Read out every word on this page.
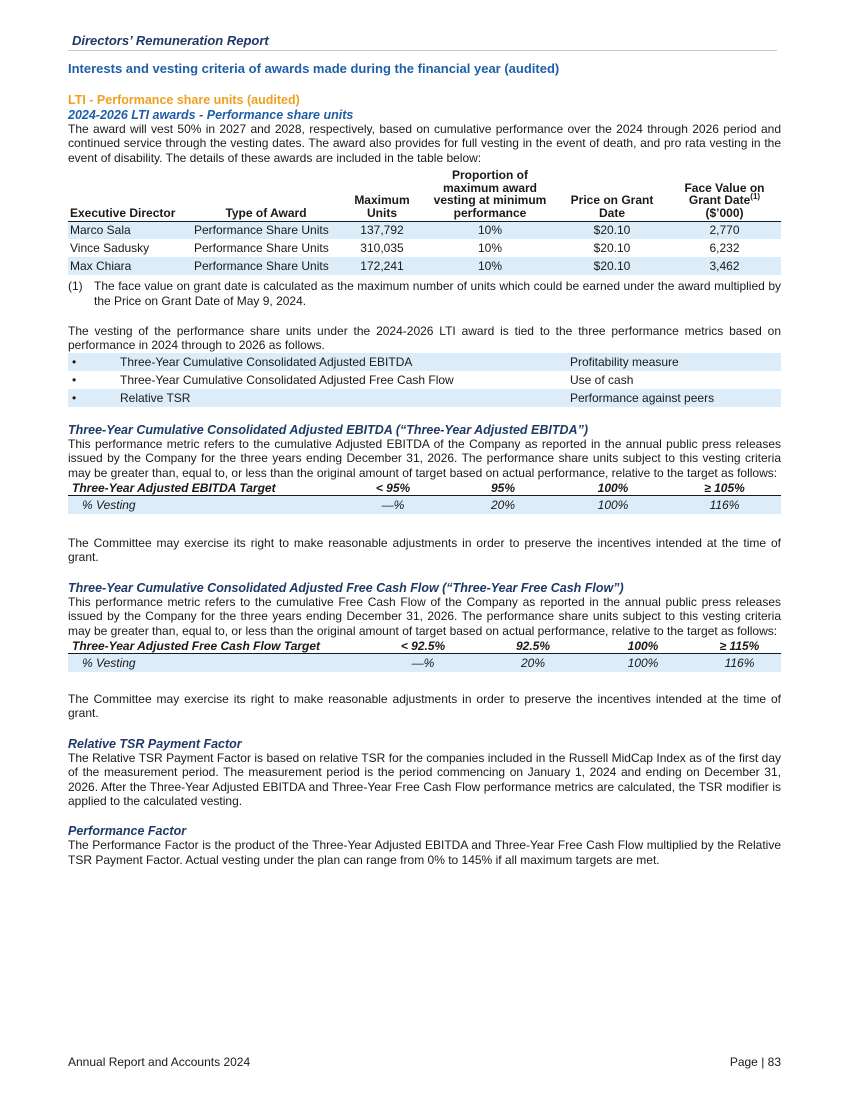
Directors’ Remuneration Report
Interests and vesting criteria of awards made during the financial year (audited)
LTI - Performance share units (audited)
2024-2026 LTI awards - Performance share units

The award will vest 50% in 2027 and 2028, respectively, based on cumulative performance over the 2024 through 2026 period and continued service through the vesting dates. The award also provides for full vesting in the event of death, and pro rata vesting in the event of disability. The details of these awards are included in the table below:

Executive Director	Type of Award	Maximum Units	Proportion of maximum award vesting at minimum performance	Price on Grant Date	Face Value on Grant Date$^{(1)}$
($’000)
Marco Sala	Performance Share Units	137,792	10%	$20.10	2,770
Vince Sadusky	Performance Share Units	310,035	10%	$20.10	6,232
Max Chiara	Performance Share Units	172,241	10%	$20.10	3,462
(1) The face value on grant date is calculated as the maximum number of units which could be earned under the award multiplied by the Price on Grant Date of May 9, 2024.

The vesting of the performance share units under the 2024-2026 LTI award is tied to the three performance metrics based on performance in 2024 through to 2026 as follows.

•	Three-Year Cumulative Consolidated Adjusted EBITDA	Profitability measure
•	Three-Year Cumulative Consolidated Adjusted Free Cash Flow	Use of cash
•	Relative TSR	Performance against peers
Three-Year Cumulative Consolidated Adjusted EBITDA (“Three-Year Adjusted EBITDA”)

This performance metric refers to the cumulative Adjusted EBITDA of the Company as reported in the annual public press releases issued by the Company for the three years ending December 31, 2026. The performance share units subject to this vesting criteria may be greater than, equal to, or less than the original amount of target based on actual performance, relative to the target as follows:

Three-Year Adjusted EBITDA Target	< 95%	95%	100%	≥ 105%
% Vesting	—%	20%	100%	116%

The Committee may exercise its right to make reasonable adjustments in order to preserve the incentives intended at the time of grant.

Three-Year Cumulative Consolidated Adjusted Free Cash Flow (“Three-Year Free Cash Flow”)

This performance metric refers to the cumulative Free Cash Flow of the Company as reported in the annual public press releases issued by the Company for the three years ending December 31, 2026. The performance share units subject to this vesting criteria may be greater than, equal to, or less than the original amount of target based on actual performance, relative to the target as follows:

Three-Year Adjusted Free Cash Flow Target	< 92.5%	92.5%	100%	≥ 115%
% Vesting	—%	20%	100%	116%

The Committee may exercise its right to make reasonable adjustments in order to preserve the incentives intended at the time of grant.

Relative TSR Payment Factor

The Relative TSR Payment Factor is based on relative TSR for the companies included in the Russell MidCap Index as of the first day of the measurement period. The measurement period is the period commencing on January 1, 2024 and ending on December 31, 2026. After the Three-Year Adjusted EBITDA and Three-Year Free Cash Flow performance metrics are calculated, the TSR modifier is applied to the calculated vesting.

Performance Factor

The Performance Factor is the product of the Three-Year Adjusted EBITDA and Three-Year Free Cash Flow multiplied by the Relative TSR Payment Factor. Actual vesting under the plan can range from 0% to 145% if all maximum targets are met.

Annual Report and Accounts 2024	Page | 83
